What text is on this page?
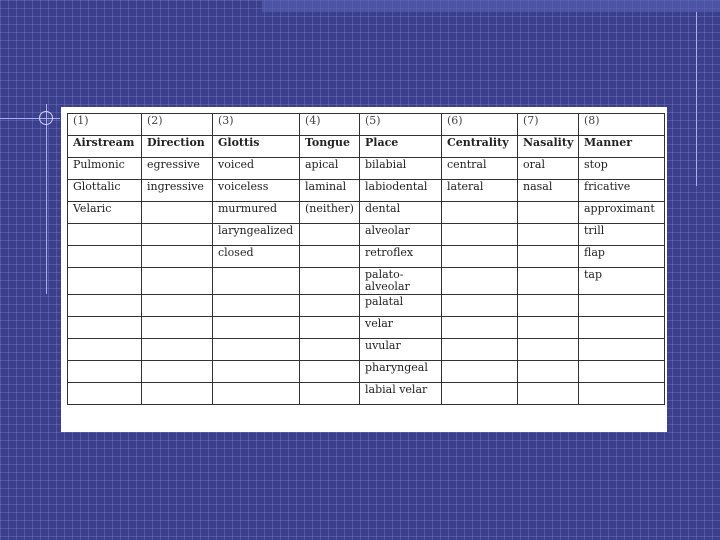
(1)	(2)	(3)	(4)	(5)	(6)	(7)	(8)
Airstream	Direction	Glottis	Tongue	Place	Centrality	Nasality	Manner
Pulmonic	egressive	voiced	apical	bilabial	central	oral	stop
Glottalic	ingressive	voiceless	laminal	labiodental	lateral	nasal	fricative
Velaric		murmured	(neither)	dental			approximant
		laryngealized		alveolar			trill
		closed		retroflex			flap
				palato-alveolar			tap
				palatal			
				velar			
				uvular			
				pharyngeal			
				labial velar			
